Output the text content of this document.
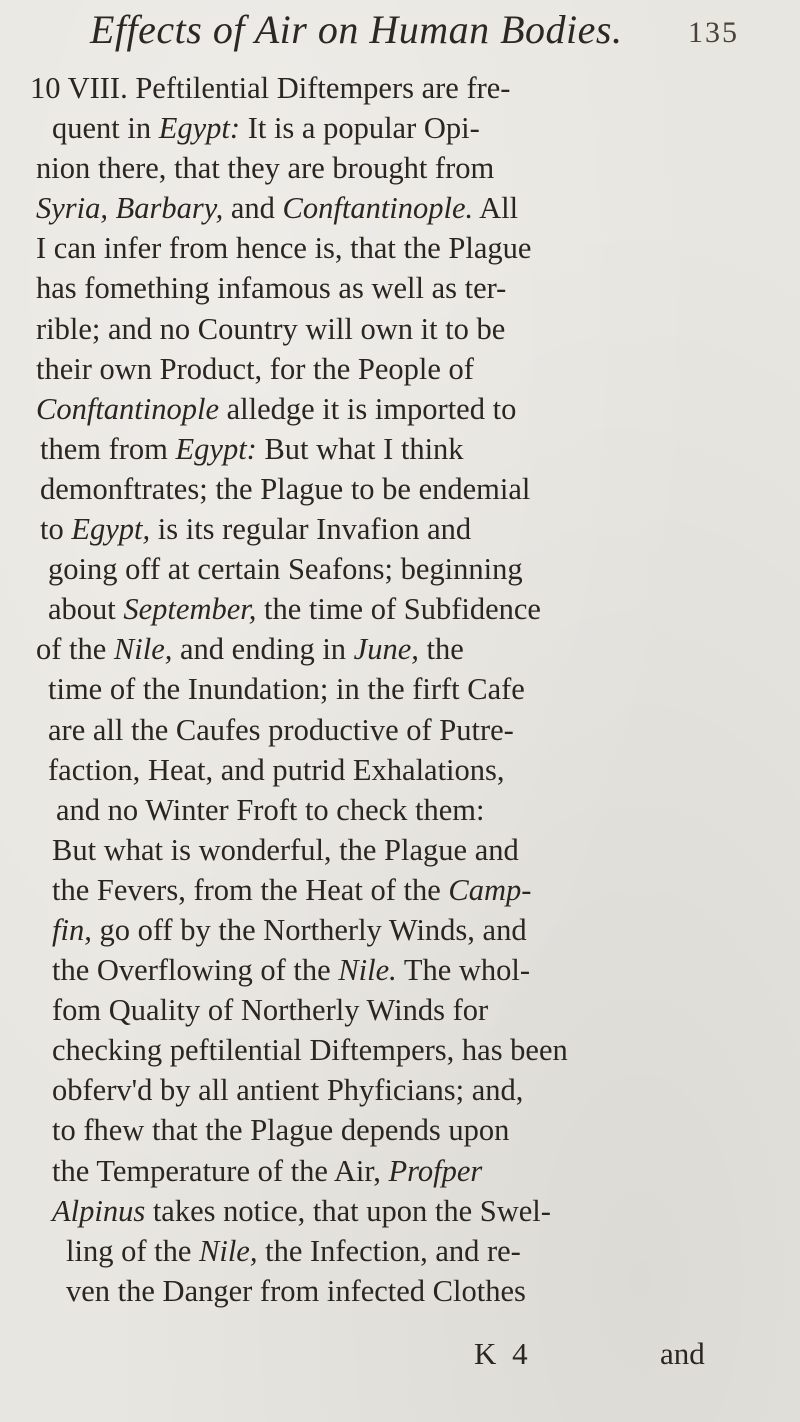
Effects of Air on Human Bodies. 135
10 VIII. Peftilential Diftempers are fre-
quent in Egypt: It is a popular Opi-
nion there, that they are brought from
Syria, Barbary, and Conftantinople. All
I can infer from hence is, that the Plague
has fomething infamous as well as ter-
rible; and no Country will own it to be
their own Product, for the People of
Conftantinople alledge it is imported to
them from Egypt: But what I think
demonftrates; the Plague to be endemial
to Egypt, is its regular Invafion and
going off at certain Seafons; beginning
about September, the time of Subfidence
of the Nile, and ending in June, the
time of the Inundation; in the firft Cafe
are all the Caufes productive of Putre-
faction, Heat, and putrid Exhalations,
and no Winter Froft to check them:
But what is wonderful, the Plague and
the Fevers, from the Heat of the Camp-
fin, go off by the Northerly Winds, and
the Overflowing of the Nile. The whol-
fom Quality of Northerly Winds for
checking peftilential Diftempers, has been
obferv'd by all antient Phyficians; and,
to fhew that the Plague depends upon
the Temperature of the Air, Profper
Alpinus takes notice, that upon the Swel-
ling of the Nile, the Infection, and re-
ven the Danger from infected Clothes
K 4	and
